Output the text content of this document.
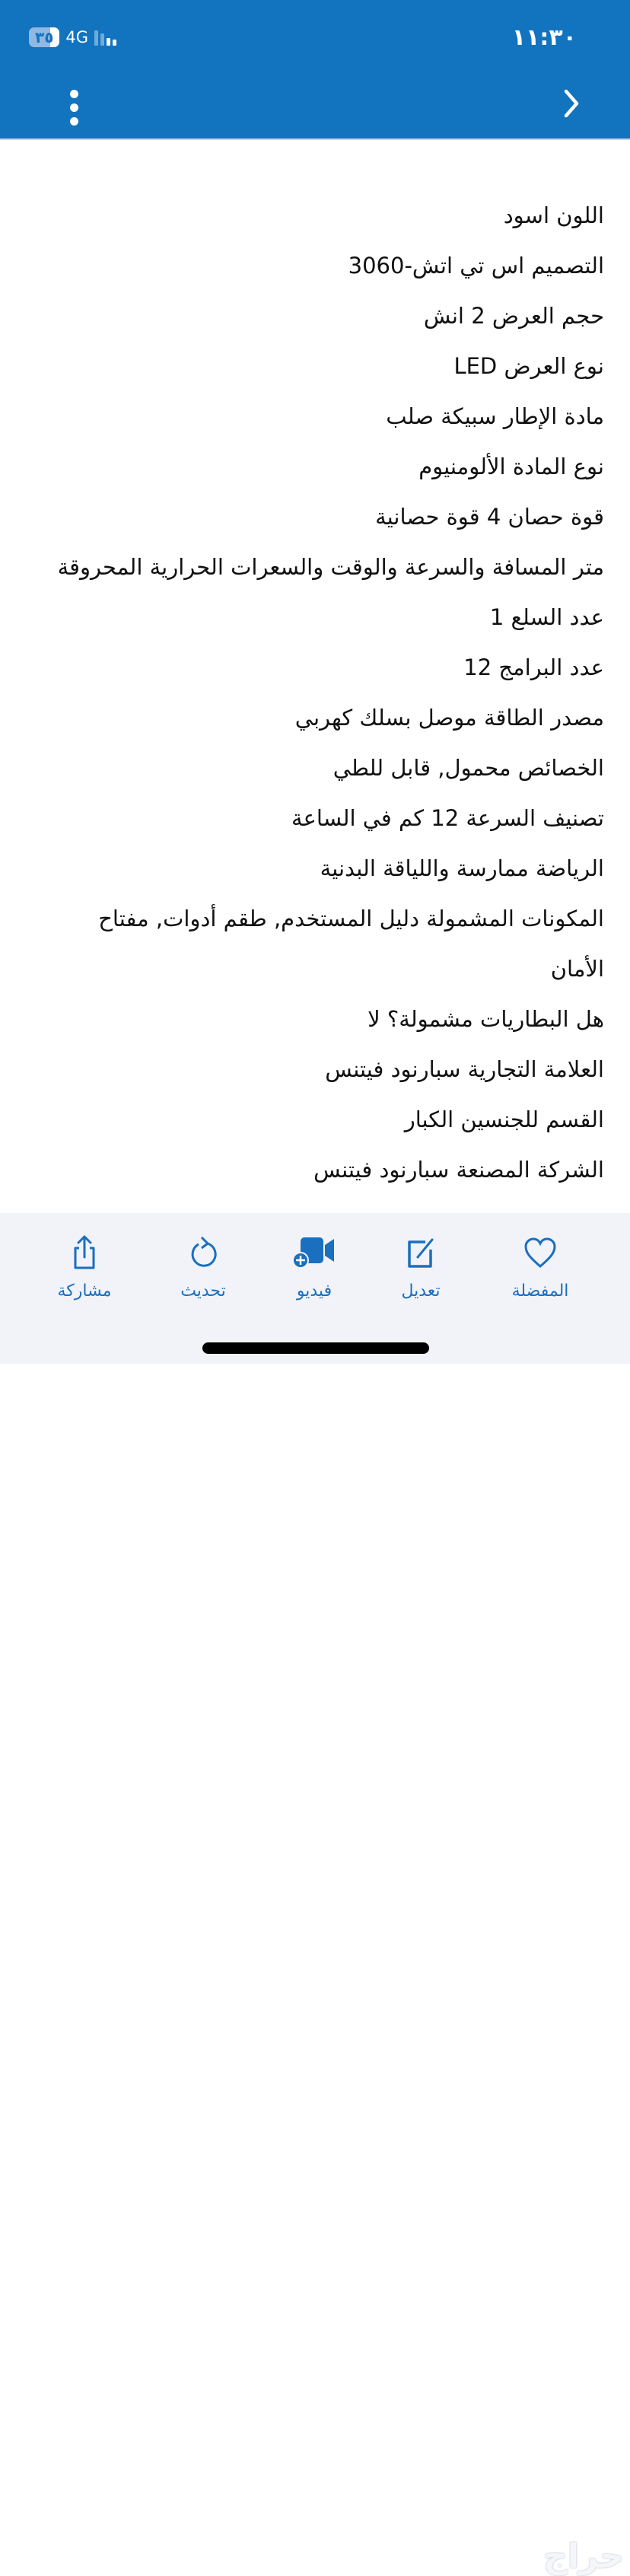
٣٥ 4G	١١:٣٠
اللون اسود
التصميم اس تي اتش-3060
حجم العرض 2 انش
نوع العرض LED
مادة الإطار سبيكة صلب
نوع المادة الألومنيوم
قوة حصان 4 قوة حصانية
متر المسافة والسرعة والوقت والسعرات الحرارية المحروقة
عدد السلع 1
عدد البرامج 12
مصدر الطاقة موصل بسلك كهربي
الخصائص محمول, قابل للطي
تصنيف السرعة 12 كم في الساعة
الرياضة ممارسة واللياقة البدنية
المكونات المشمولة دليل المستخدم, طقم أدوات, مفتاح
الأمان
هل البطاريات مشمولة؟ لا
العلامة التجارية سبارنود فيتنس
القسم للجنسين الكبار
الشركة المصنعة سبارنود فيتنس
المفضلة
تعديل
فيديو
تحديث
مشاركة
حراج
